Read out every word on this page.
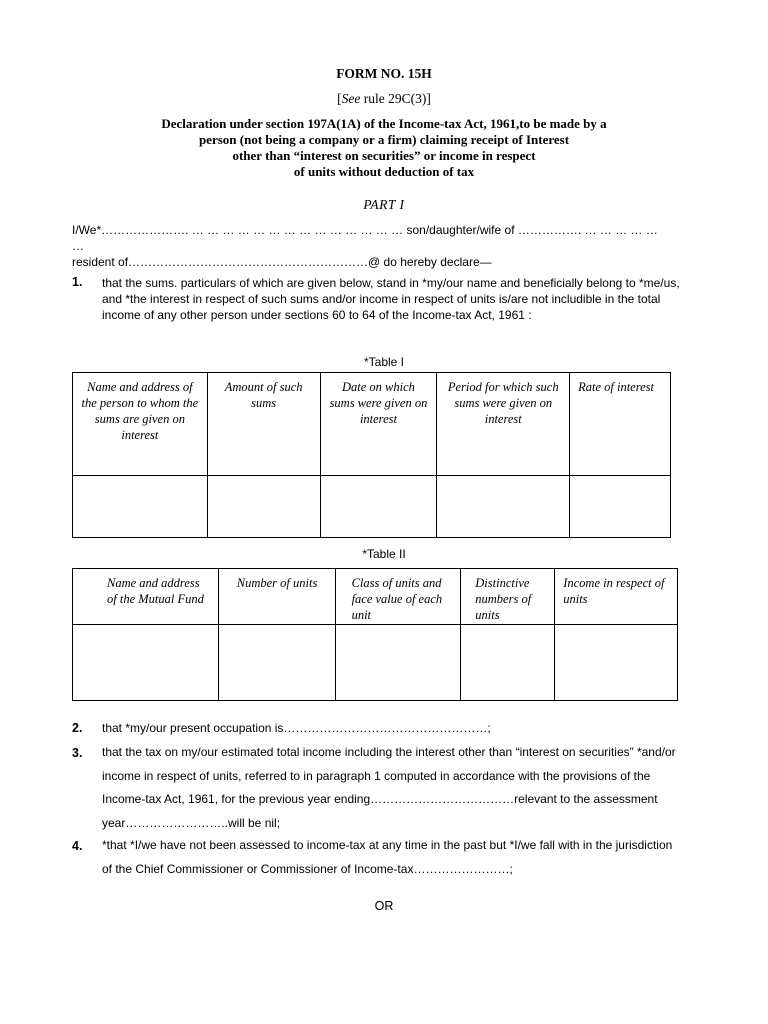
FORM NO. 15H
[See rule 29C(3)]
Declaration under section 197A(1A) of the Income-tax Act, 1961,to be made by a
person (not being a company or a firm) claiming receipt of Interest
other than “interest on securities” or income in respect
of units without deduction of tax
PART I
I/We*…………………. … … … … … … … … … … … … … … son/daughter/wife of ……………. … … … … …
…
resident of……………………………………………………@ do hereby declare—
1. that the sums. particulars of which are given below, stand in *my/our name and beneficially belong to *me/us, and *the interest in respect of such sums and/or income in respect of units is/are not includible in the total income of any other person under sections 60 to 64 of the Income-tax Act, 1961 :
*Table I
Name and address of the person to whom the sums are given on interest	Amount of such sums	Date on which sums were given on interest	Period for which such sums were given on interest	Rate of interest

*Table II
Name and address of the Mutual Fund	Number of units	Class of units and face value of each unit	Distinctive numbers of units	Income in respect of units

2. that *my/our present occupation is……………………………………………;
3. that the tax on my/our estimated total income including the interest other than “interest on securities” *and/or income in respect of units, referred to in paragraph 1 computed in accordance with the provisions of the Income-tax Act, 1961, for the previous year ending………………………………relevant to the assessment year……………………..will be nil;
4. *that *I/we have not been assessed to income-tax at any time in the past but *I/we fall with in the jurisdiction of the Chief Commissioner or Commissioner of Income-tax……………………;
OR
